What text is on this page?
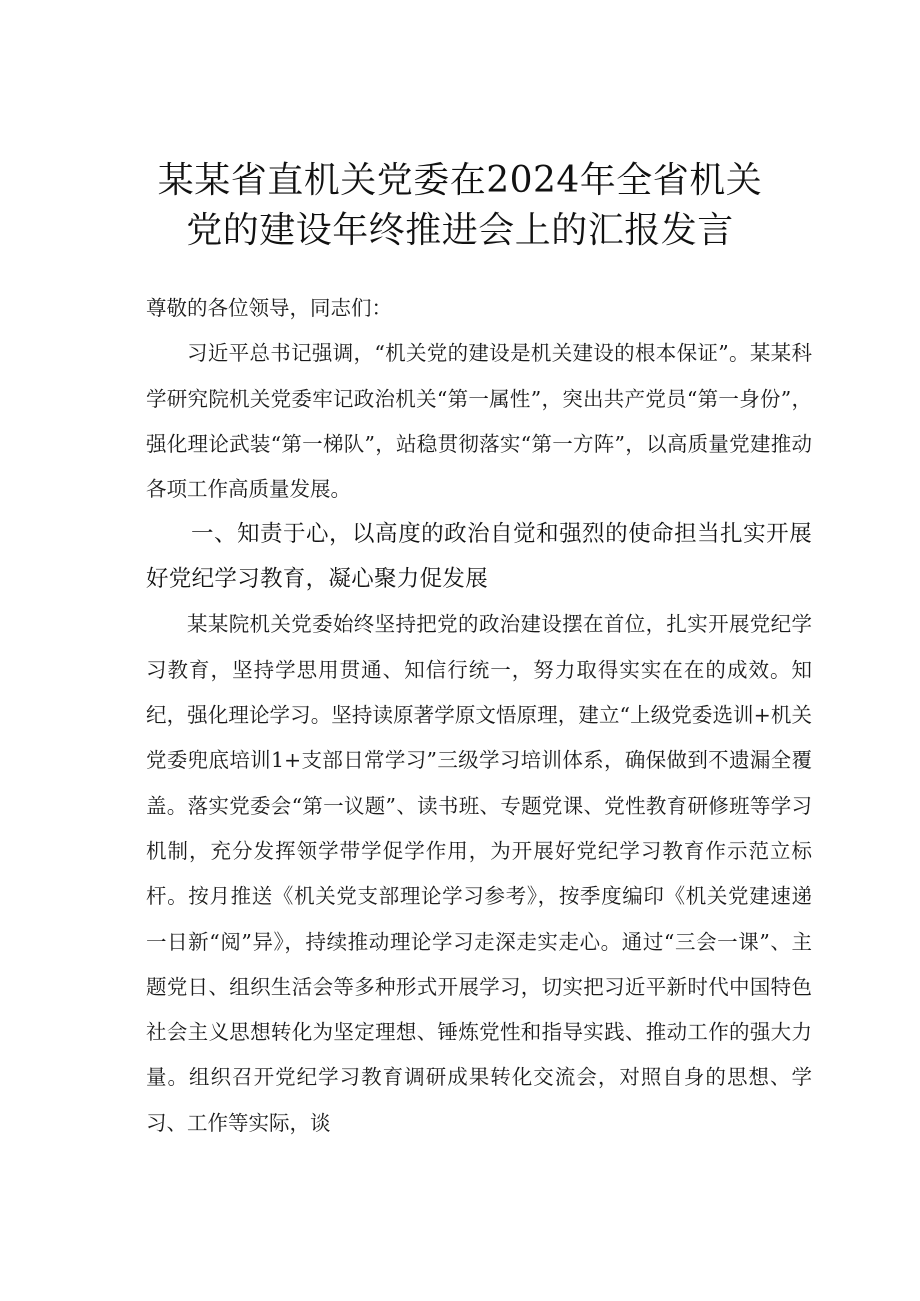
某某省直机关党委在2024年全省机关
党的建设年终推进会上的汇报发言

尊敬的各位领导，同志们：

习近平总书记强调，“机关党的建设是机关建设的根本保证”。某某科学研究院机关党委牢记政治机关“第一属性”，突出共产党员“第一身份”，强化理论武装“第一梯队”，站稳贯彻落实“第一方阵”，以高质量党建推动各项工作高质量发展。

一、知责于心，以高度的政治自觉和强烈的使命担当扎实开展好党纪学习教育，凝心聚力促发展

某某院机关党委始终坚持把党的政治建设摆在首位，扎实开展党纪学习教育，坚持学思用贯通、知信行统一，努力取得实实在在的成效。知纪，强化理论学习。坚持读原著学原文悟原理，建立“上级党委选训+机关党委兜底培训1+支部日常学习”三级学习培训体系，确保做到不遗漏全覆盖。落实党委会“第一议题”、读书班、专题党课、党性教育研修班等学习机制，充分发挥领学带学促学作用，为开展好党纪学习教育作示范立标杆。按月推送《机关党支部理论学习参考》，按季度编印《机关党建速递一日新“阅”异》，持续推动理论学习走深走实走心。通过“三会一课”、主题党日、组织生活会等多种形式开展学习，切实把习近平新时代中国特色社会主义思想转化为坚定理想、锤炼党性和指导实践、推动工作的强大力量。组织召开党纪学习教育调研成果转化交流会，对照自身的思想、学习、工作等实际，谈
